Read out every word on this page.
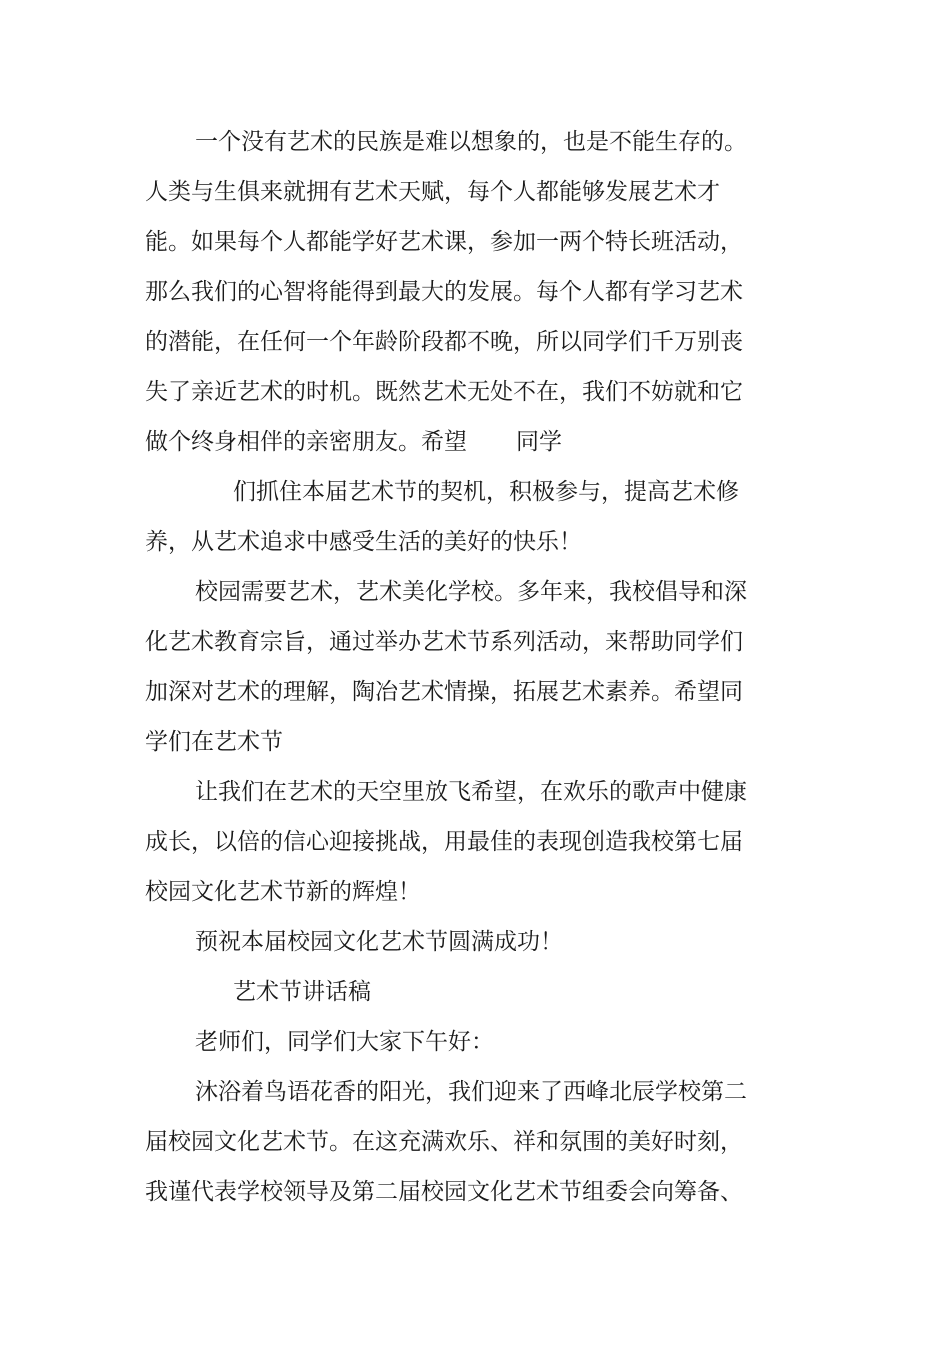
一个没有艺术的民族是难以想象的，也是不能生存的。
人类与生俱来就拥有艺术天赋，每个人都能够发展艺术才
能。如果每个人都能学好艺术课，参加一两个特长班活动，
那么我们的心智将能得到最大的发展。每个人都有学习艺术
的潜能，在任何一个年龄阶段都不晚，所以同学们千万别丧
失了亲近艺术的时机。既然艺术无处不在，我们不妨就和它
做个终身相伴的亲密朋友。希望 同学
们抓住本届艺术节的契机，积极参与，提高艺术修
养，从艺术追求中感受生活的美好的快乐！
校园需要艺术，艺术美化学校。多年来，我校倡导和深
化艺术教育宗旨，通过举办艺术节系列活动，来帮助同学们
加深对艺术的理解，陶冶艺术情操，拓展艺术素养。希望同
学们在艺术节
让我们在艺术的天空里放飞希望，在欢乐的歌声中健康
成长，以倍的信心迎接挑战，用最佳的表现创造我校第七届
校园文化艺术节新的辉煌！
预祝本届校园文化艺术节圆满成功！
艺术节讲话稿
老师们，同学们大家下午好：
沐浴着鸟语花香的阳光，我们迎来了西峰北辰学校第二
届校园文化艺术节。在这充满欢乐、祥和氛围的美好时刻，
我谨代表学校领导及第二届校园文化艺术节组委会向筹备、
